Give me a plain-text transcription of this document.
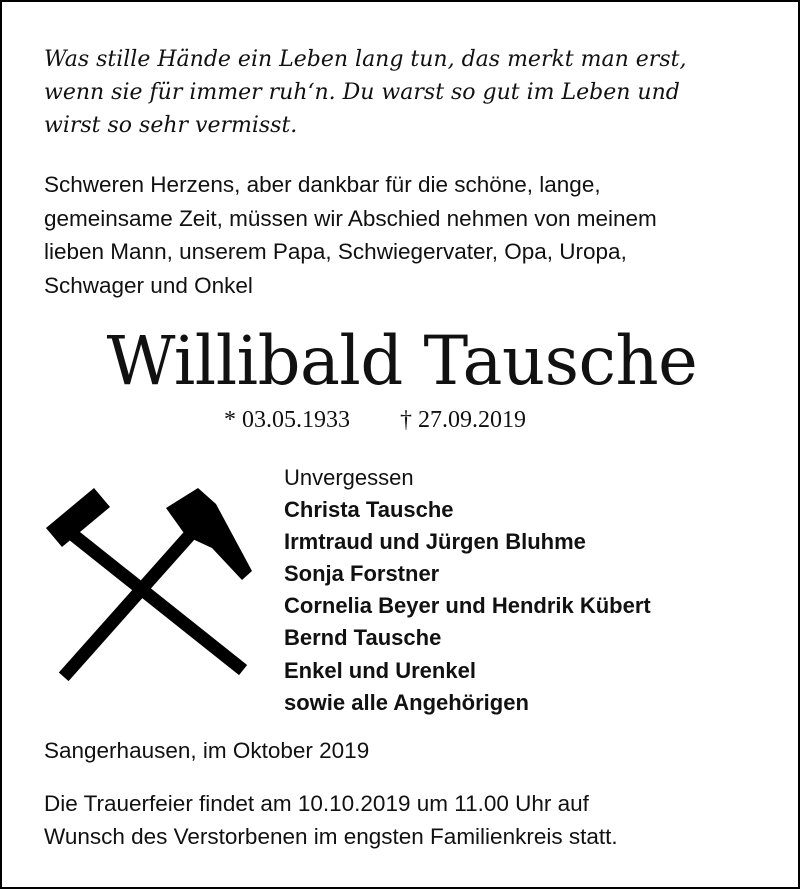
Was stille Hände ein Leben lang tun, das merkt man erst,
wenn sie für immer ruh‘n. Du warst so gut im Leben und
wirst so sehr vermisst.
Schweren Herzens, aber dankbar für die schöne, lange,
gemeinsame Zeit, müssen wir Abschied nehmen von meinem
lieben Mann, unserem Papa, Schwiegervater, Opa, Uropa,
Schwager und Onkel
Willibald Tausche
* 03.05.1933 † 27.09.2019
Unvergessen
Christa Tausche
Irmtraud und Jürgen Bluhme
Sonja Forstner
Cornelia Beyer und Hendrik Kübert
Bernd Tausche
Enkel und Urenkel
sowie alle Angehörigen
Sangerhausen, im Oktober 2019
Die Trauerfeier findet am 10.10.2019 um 11.00 Uhr auf
Wunsch des Verstorbenen im engsten Familienkreis statt.
